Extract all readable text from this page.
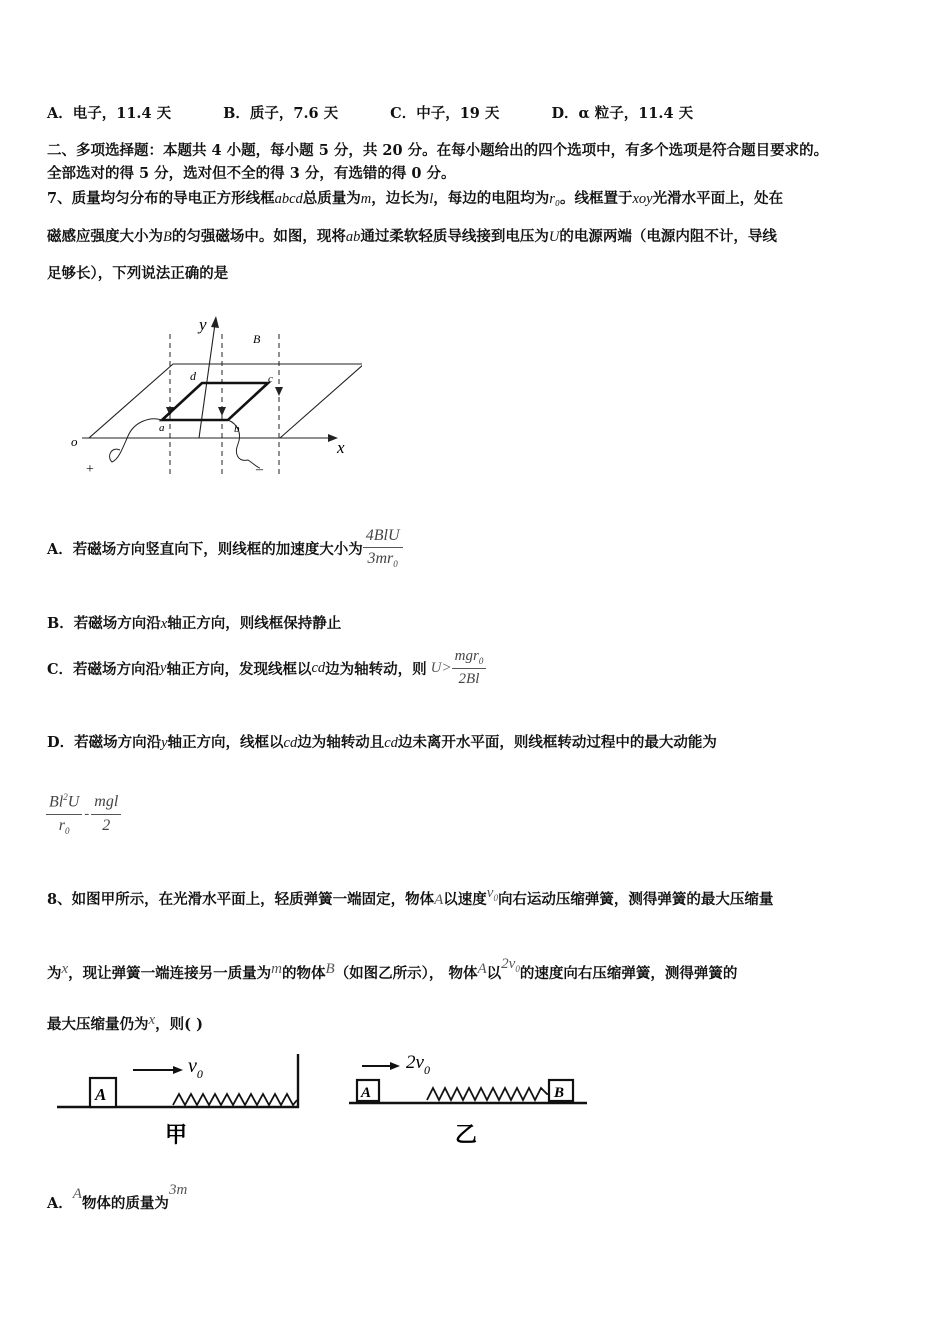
A．电子，11.4 天	B．质子，7.6 天	C．中子，19 天	D．α 粒子，11.4 天
二、多项选择题：本题共 4 小题，每小题 5 分，共 20 分。在每小题给出的四个选项中，有多个选项是符合题目要求的。
全部选对的得 5 分，选对但不全的得 3 分，有选错的得 0 分。
7、质量均匀分布的导电正方形线框abcd总质量为m，边长为l，每边的电阻均为r₀。线框置于xoy光滑水平面上，处在
磁感应强度大小为B的匀强磁场中。如图，现将ab通过柔软轻质导线接到电压为U的电源两端（电源内阻不计，导线
足够长），下列说法正确的是
y
B
d	c
a	b
o	x
+	–
A．若磁场方向竖直向下，则线框的加速度大小为 $\frac{\text{4BlU}}{3mr_0}$
B．若磁场方向沿x轴正方向，则线框保持静止
C．若磁场方向沿y轴正方向，发现线框以cd边为轴转动，则 $U> \frac{mgr_0}{2Bl}$
D．若磁场方向沿y轴正方向，线框以cd边为轴转动且cd边未离开水平面，则线框转动过程中的最大动能为
$\frac{Bl^2U}{r_0} - \frac{\text{mgl}}{2}$
8、如图甲所示，在光滑水平面上，轻质弹簧一端固定，物体A以速度$v_0$向右运动压缩弹簧，测得弹簧的最大压缩量
为x，现让弹簧一端连接另一质量为m的物体B（如图乙所示）， 物体A以$2v_0$的速度向右压缩弹簧，测得弹簧的
最大压缩量仍为x，则( )
A
$v_0$
甲
A	B
$2v_0$
乙
A．A物体的质量为3m
